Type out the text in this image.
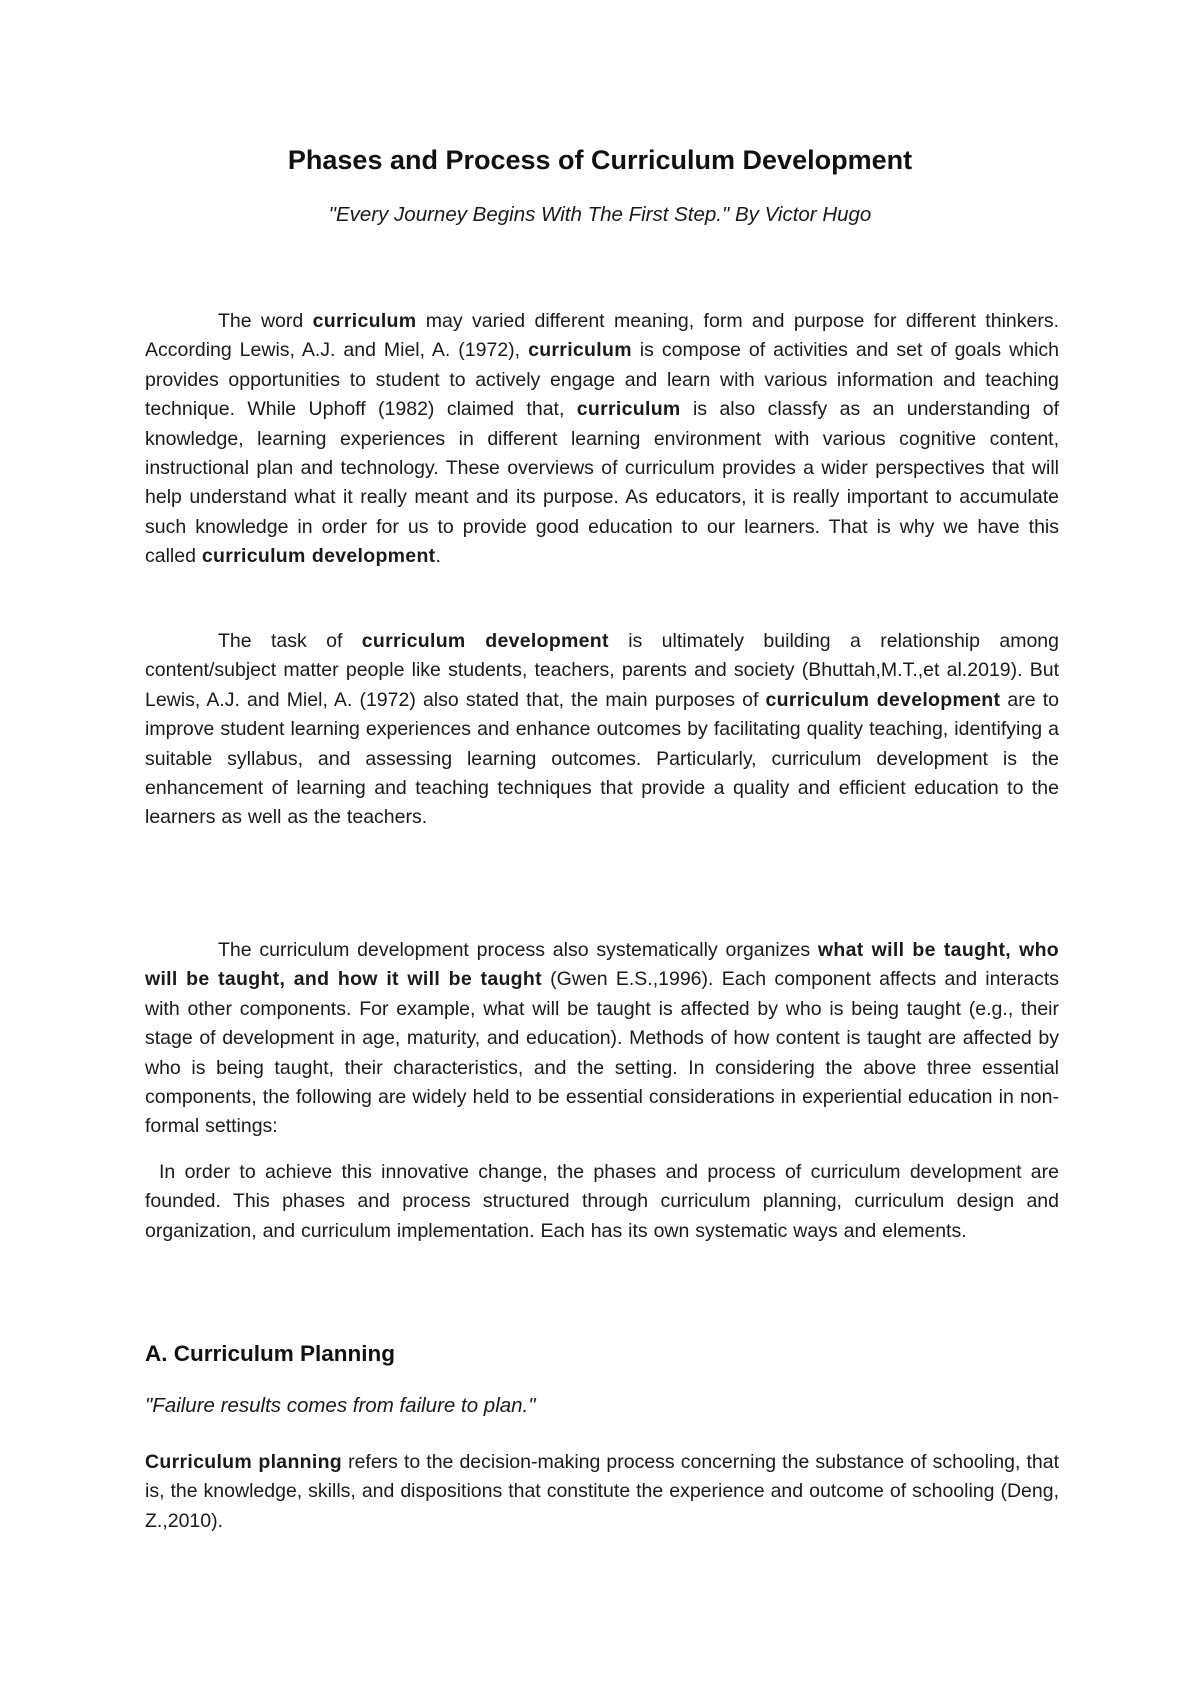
Phases and Process of Curriculum Development

"Every Journey Begins With The First Step." By Victor Hugo

The word curriculum may varied different meaning, form and purpose for different thinkers. According Lewis, A.J. and Miel, A. (1972), curriculum is compose of activities and set of goals which provides opportunities to student to actively engage and learn with various information and teaching technique. While Uphoff (1982) claimed that, curriculum is also classfy as an understanding of knowledge, learning experiences in different learning environment with various cognitive content, instructional plan and technology. These overviews of curriculum provides a wider perspectives that will help understand what it really meant and its purpose. As educators, it is really important to accumulate such knowledge in order for us to provide good education to our learners. That is why we have this called curriculum development.

The task of curriculum development is ultimately building a relationship among content/subject matter people like students, teachers, parents and society (Bhuttah,M.T.,et al.2019). But Lewis, A.J. and Miel, A. (1972) also stated that, the main purposes of curriculum development are to improve student learning experiences and enhance outcomes by facilitating quality teaching, identifying a suitable syllabus, and assessing learning outcomes. Particularly, curriculum development is the enhancement of learning and teaching techniques that provide a quality and efficient education to the learners as well as the teachers.

The curriculum development process also systematically organizes what will be taught, who will be taught, and how it will be taught (Gwen E.S.,1996). Each component affects and interacts with other components. For example, what will be taught is affected by who is being taught (e.g., their stage of development in age, maturity, and education). Methods of how content is taught are affected by who is being taught, their characteristics, and the setting. In considering the above three essential components, the following are widely held to be essential considerations in experiential education in non-formal settings:

In order to achieve this innovative change, the phases and process of curriculum development are founded. This phases and process structured through curriculum planning, curriculum design and organization, and curriculum implementation. Each has its own systematic ways and elements.

A. Curriculum Planning

"Failure results comes from failure to plan."

Curriculum planning refers to the decision-making process concerning the substance of schooling, that is, the knowledge, skills, and dispositions that constitute the experience and outcome of schooling (Deng, Z.,2010).
